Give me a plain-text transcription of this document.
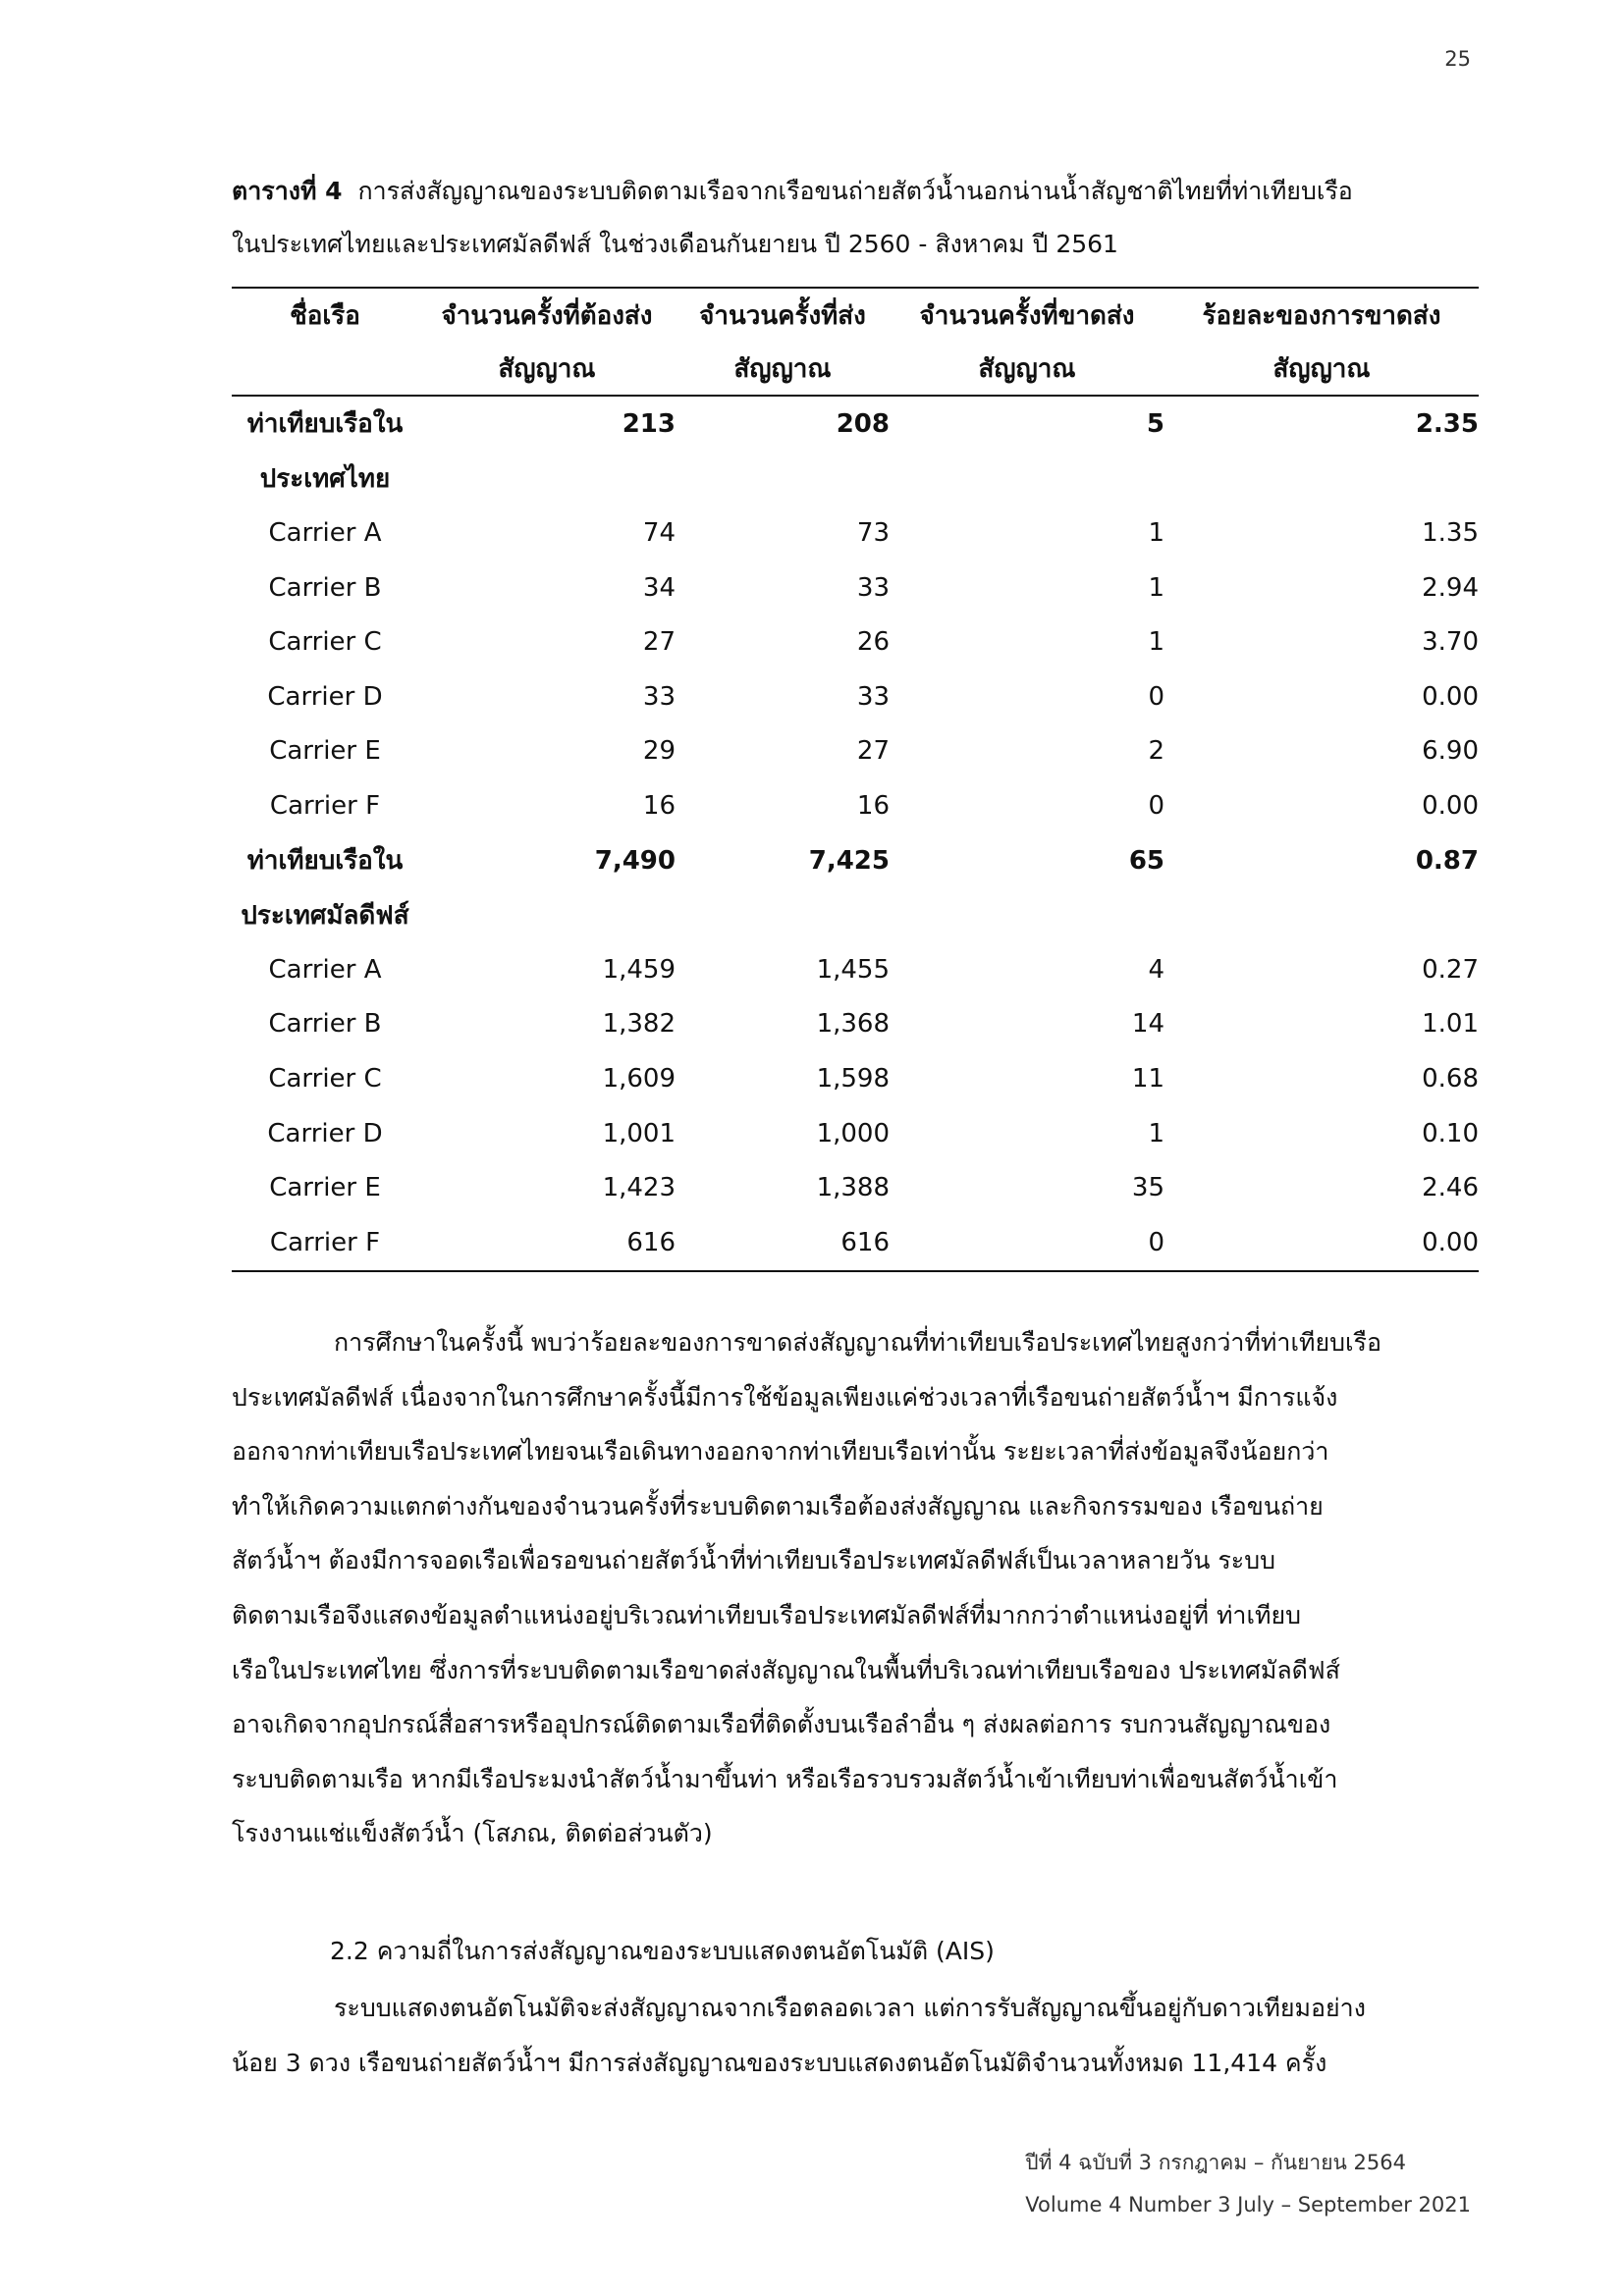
25
ตารางที่ 4 การส่งสัญญาณของระบบติดตามเรือจากเรือขนถ่ายสัตว์น้ำนอกน่านน้ำสัญชาติไทยที่ท่าเทียบเรือ
ในประเทศไทยและประเทศมัลดีฟส์ ในช่วงเดือนกันยายน ปี 2560 - สิงหาคม ปี 2561
ชื่อเรือ	จำนวนครั้งที่ต้องส่ง	จำนวนครั้งที่ส่ง	จำนวนครั้งที่ขาดส่ง	ร้อยละของการขาดส่ง
	สัญญาณ	สัญญาณ	สัญญาณ	สัญญาณ
ท่าเทียบเรือใน	213	208	5	2.35
ประเทศไทย				
Carrier A	74	73	1	1.35
Carrier B	34	33	1	2.94
Carrier C	27	26	1	3.70
Carrier D	33	33	0	0.00
Carrier E	29	27	2	6.90
Carrier F	16	16	0	0.00
ท่าเทียบเรือใน	7,490	7,425	65	0.87
ประเทศมัลดีฟส์				
Carrier A	1,459	1,455	4	0.27
Carrier B	1,382	1,368	14	1.01
Carrier C	1,609	1,598	11	0.68
Carrier D	1,001	1,000	1	0.10
Carrier E	1,423	1,388	35	2.46
Carrier F	616	616	0	0.00
การศึกษาในครั้งนี้ พบว่าร้อยละของการขาดส่งสัญญาณที่ท่าเทียบเรือประเทศไทยสูงกว่าที่ท่าเทียบเรือ
ประเทศมัลดีฟส์ เนื่องจากในการศึกษาครั้งนี้มีการใช้ข้อมูลเพียงแค่ช่วงเวลาที่เรือขนถ่ายสัตว์น้ำฯ มีการแจ้ง
ออกจากท่าเทียบเรือประเทศไทยจนเรือเดินทางออกจากท่าเทียบเรือเท่านั้น ระยะเวลาที่ส่งข้อมูลจึงน้อยกว่า
ทำให้เกิดความแตกต่างกันของจำนวนครั้งที่ระบบติดตามเรือต้องส่งสัญญาณ และกิจกรรมของ เรือขนถ่าย
สัตว์น้ำฯ ต้องมีการจอดเรือเพื่อรอขนถ่ายสัตว์น้ำที่ท่าเทียบเรือประเทศมัลดีฟส์เป็นเวลาหลายวัน ระบบ
ติดตามเรือจึงแสดงข้อมูลตำแหน่งอยู่บริเวณท่าเทียบเรือประเทศมัลดีฟส์ที่มากกว่าตำแหน่งอยู่ที่ ท่าเทียบ
เรือในประเทศไทย ซึ่งการที่ระบบติดตามเรือขาดส่งสัญญาณในพื้นที่บริเวณท่าเทียบเรือของ ประเทศมัลดีฟส์
อาจเกิดจากอุปกรณ์สื่อสารหรืออุปกรณ์ติดตามเรือที่ติดตั้งบนเรือลำอื่น ๆ ส่งผลต่อการ รบกวนสัญญาณของ
ระบบติดตามเรือ หากมีเรือประมงนำสัตว์น้ำมาขึ้นท่า หรือเรือรวบรวมสัตว์น้ำเข้าเทียบท่าเพื่อขนสัตว์น้ำเข้า
โรงงานแช่แข็งสัตว์น้ำ (โสภณ, ติดต่อส่วนตัว)
2.2 ความถี่ในการส่งสัญญาณของระบบแสดงตนอัตโนมัติ (AIS)
ระบบแสดงตนอัตโนมัติจะส่งสัญญาณจากเรือตลอดเวลา แต่การรับสัญญาณขึ้นอยู่กับดาวเทียมอย่าง
น้อย 3 ดวง เรือขนถ่ายสัตว์น้ำฯ มีการส่งสัญญาณของระบบแสดงตนอัตโนมัติจำนวนทั้งหมด 11,414 ครั้ง
ปีที่ 4 ฉบับที่ 3 กรกฎาคม – กันยายน 2564
Volume 4 Number 3 July – September 2021
